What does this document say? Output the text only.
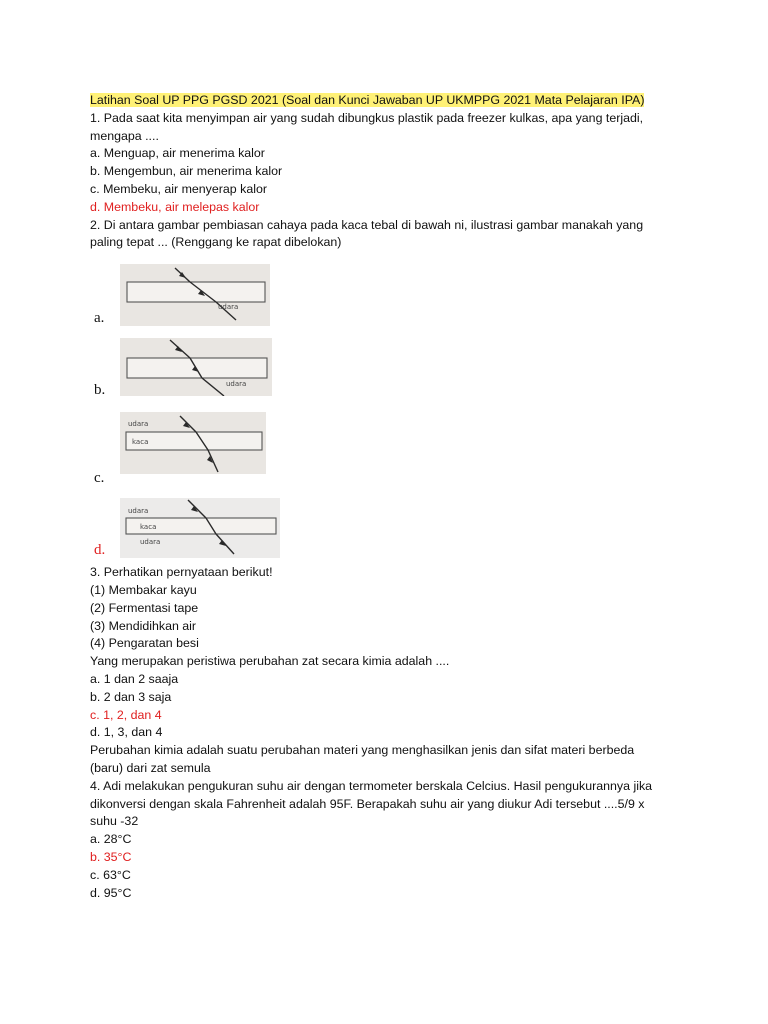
Latihan Soal UP PPG PGSD 2021 (Soal dan Kunci Jawaban UP UKMPPG 2021 Mata Pelajaran IPA)

1. Pada saat kita menyimpan air yang sudah dibungkus plastik pada freezer kulkas, apa yang terjadi,

mengapa ....

a. Menguap, air menerima kalor

b. Mengembun, air menerima kalor

c. Membeku, air menyerap kalor

d. Membeku, air melepas kalor

2. Di antara gambar pembiasan cahaya pada kaca tebal di bawah ni, ilustrasi gambar manakah yang

paling tepat ... (Renggang ke rapat dibelokan)

a.
udara
b.	udara
c.
udara
kaca
d.
udara
kaca
udara

3. Perhatikan pernyataan berikut!

(1) Membakar kayu

(2) Fermentasi tape

(3) Mendidihkan air

(4) Pengaratan besi

Yang merupakan peristiwa perubahan zat secara kimia adalah ....

a. 1 dan 2 saaja

b. 2 dan 3 saja

c. 1, 2, dan 4

d. 1, 3, dan 4

Perubahan kimia adalah suatu perubahan materi yang menghasilkan jenis dan sifat materi berbeda

(baru) dari zat semula

4. Adi melakukan pengukuran suhu air dengan termometer berskala Celcius. Hasil pengukurannya jika

dikonversi dengan skala Fahrenheit adalah 95F. Berapakah suhu air yang diukur Adi tersebut ....5/9 x

suhu -32

a. 28°C

b. 35°C

c. 63°C

d. 95°C
